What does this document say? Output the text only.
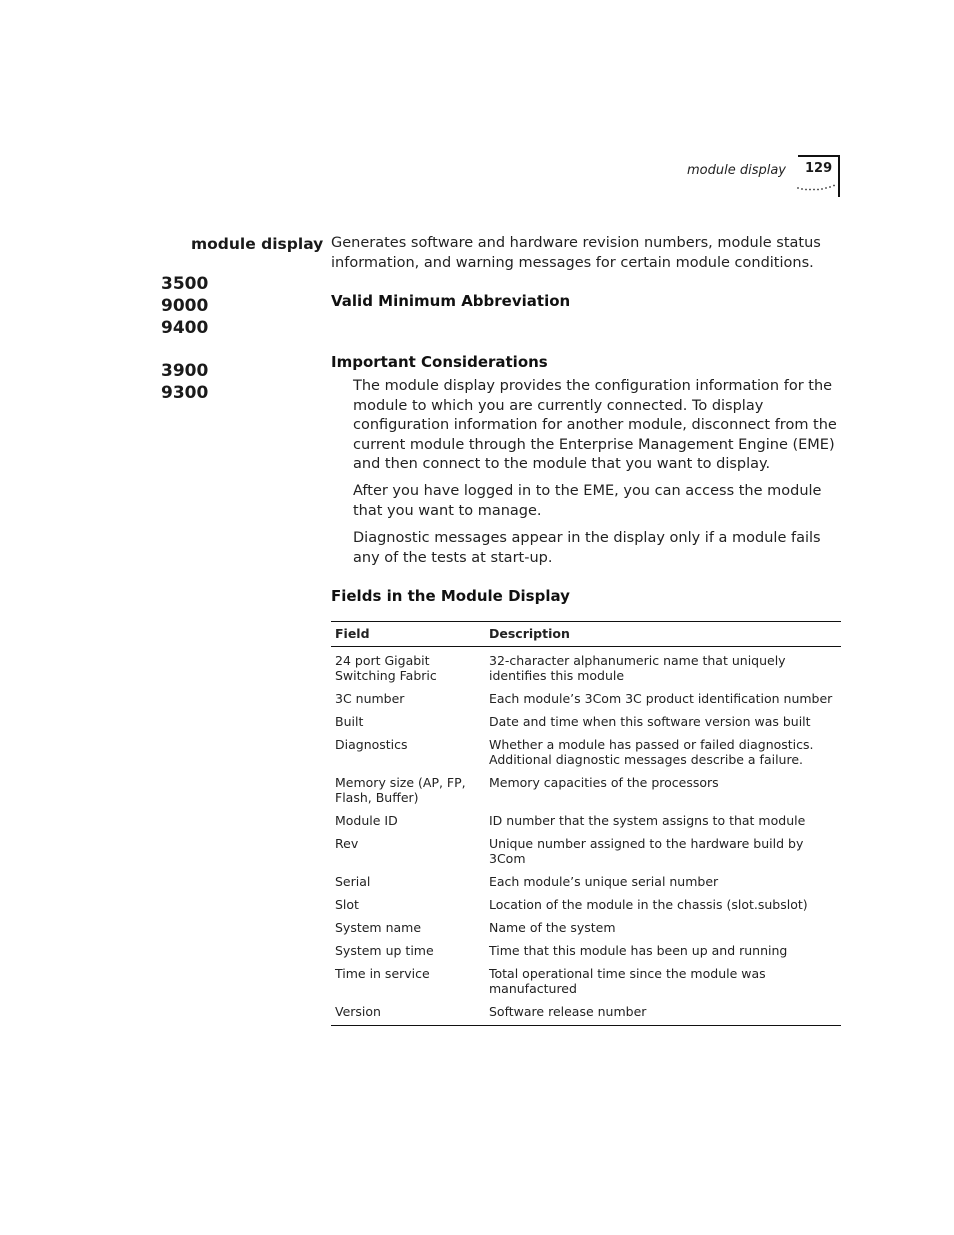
module display 129
module display
3500
9000
9400
3900
9300
Generates software and hardware revision numbers, module status information, and warning messages for certain module conditions.
Valid Minimum Abbreviation
Important Considerations
The module display provides the configuration information for the module to which you are currently connected. To display configuration information for another module, disconnect from the current module through the Enterprise Management Engine (EME) and then connect to the module that you want to display.
After you have logged in to the EME, you can access the module that you want to manage.
Diagnostic messages appear in the display only if a module fails any of the tests at start-up.
Fields in the Module Display
Field	Description
24 port Gigabit Switching Fabric	32-character alphanumeric name that uniquely identifies this module
3C number	Each module’s 3Com 3C product identification number
Built	Date and time when this software version was built
Diagnostics	Whether a module has passed or failed diagnostics. Additional diagnostic messages describe a failure.
Memory size (AP, FP, Flash, Buffer)	Memory capacities of the processors
Module ID	ID number that the system assigns to that module
Rev	Unique number assigned to the hardware build by 3Com
Serial	Each module’s unique serial number
Slot	Location of the module in the chassis (slot.subslot)
System name	Name of the system
System up time	Time that this module has been up and running
Time in service	Total operational time since the module was manufactured
Version	Software release number
